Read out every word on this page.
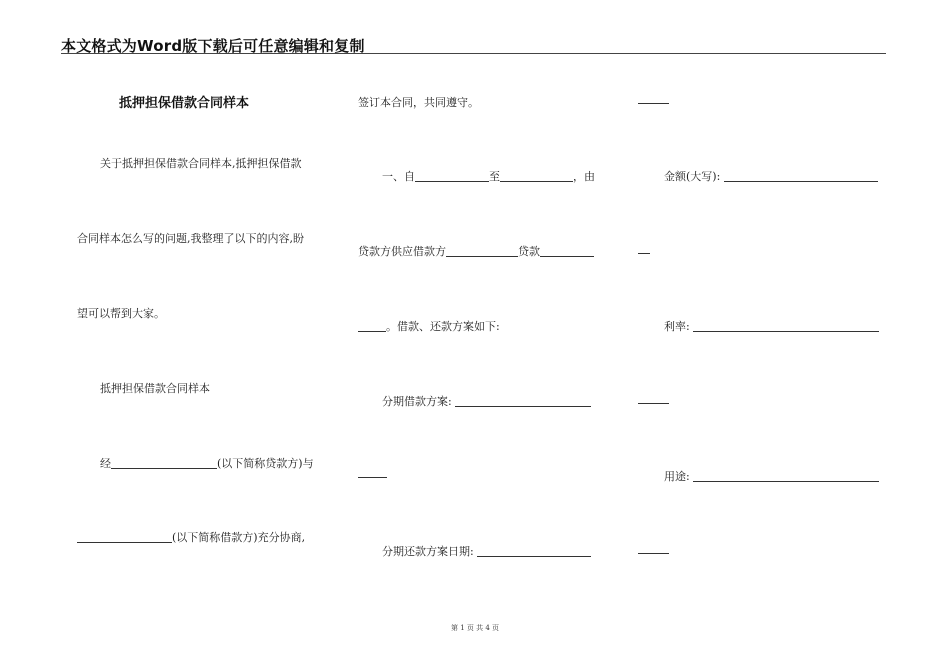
本文格式为Word版下载后可任意编辑和复制
抵押担保借款合同样本
关于抵押担保借款合同样本,抵押担保借款
合同样本怎么写的问题,我整理了以下的内容,盼
望可以帮到大家。
抵押担保借款合同样本
经	(以下简称贷款方)与
(以下简称借款方)充分协商,
签订本合同，共同遵守。
一、自	至	，由
贷款方供应借款方	贷款
。借款、还款方案如下:
分期借款方案:
分期还款方案日期:
金额(大写):
利率:
用途:
第 1 页 共 4 页
